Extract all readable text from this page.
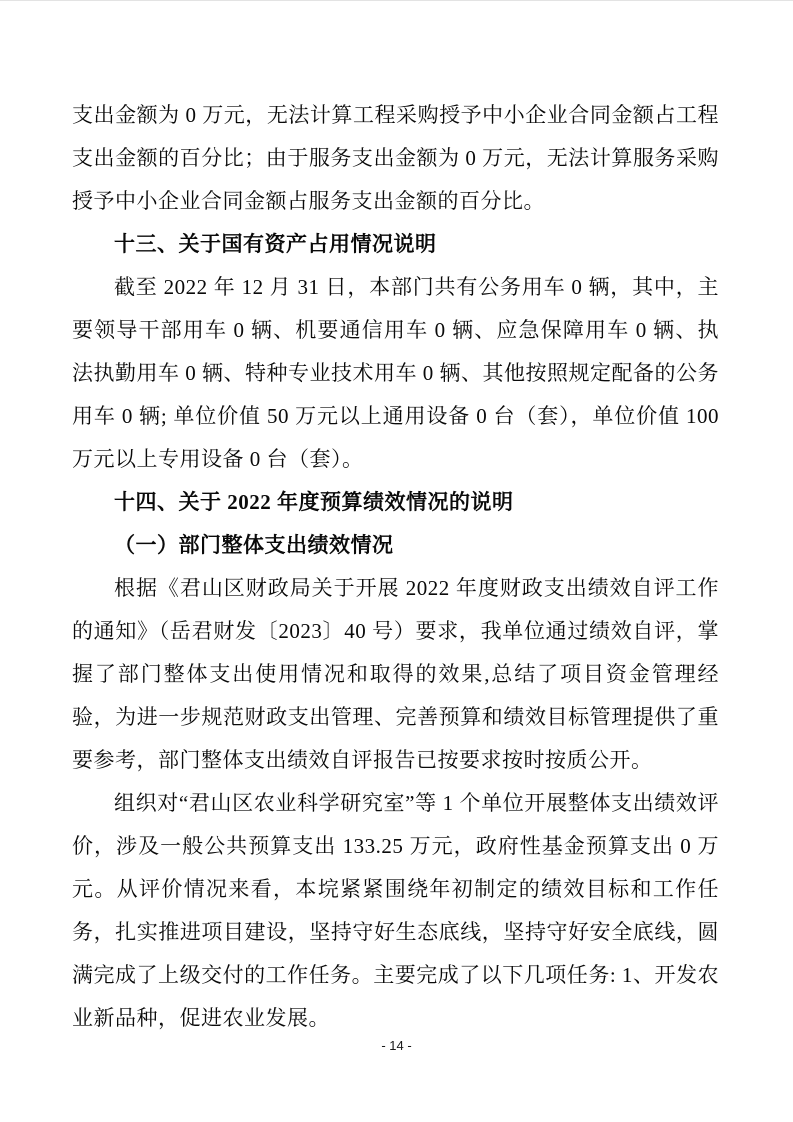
支出金额为 0 万元，无法计算工程采购授予中小企业合同金额占工程支出金额的百分比；由于服务支出金额为 0 万元，无法计算服务采购授予中小企业合同金额占服务支出金额的百分比。

十三、关于国有资产占用情况说明

截至 2022 年 12 月 31 日，本部门共有公务用车 0 辆，其中，主要领导干部用车 0 辆、机要通信用车 0 辆、应急保障用车 0 辆、执法执勤用车 0 辆、特种专业技术用车 0 辆、其他按照规定配备的公务用车 0 辆; 单位价值 50 万元以上通用设备 0 台（套），单位价值 100 万元以上专用设备 0 台（套）。

十四、关于 2022 年度预算绩效情况的说明

（一）部门整体支出绩效情况

根据《君山区财政局关于开展 2022 年度财政支出绩效自评工作的通知》（岳君财发〔2023〕40 号）要求，我单位通过绩效自评，掌握了部门整体支出使用情况和取得的效果,总结了项目资金管理经验，为进一步规范财政支出管理、完善预算和绩效目标管理提供了重要参考，部门整体支出绩效自评报告已按要求按时按质公开。

组织对“君山区农业科学研究室”等 1 个单位开展整体支出绩效评价，涉及一般公共预算支出 133.25 万元，政府性基金预算支出 0 万元。从评价情况来看，本垸紧紧围绕年初制定的绩效目标和工作任务，扎实推进项目建设，坚持守好生态底线，坚持守好安全底线，圆满完成了上级交付的工作任务。主要完成了以下几项任务: 1、开发农业新品种，促进农业发展。

- 14 -
